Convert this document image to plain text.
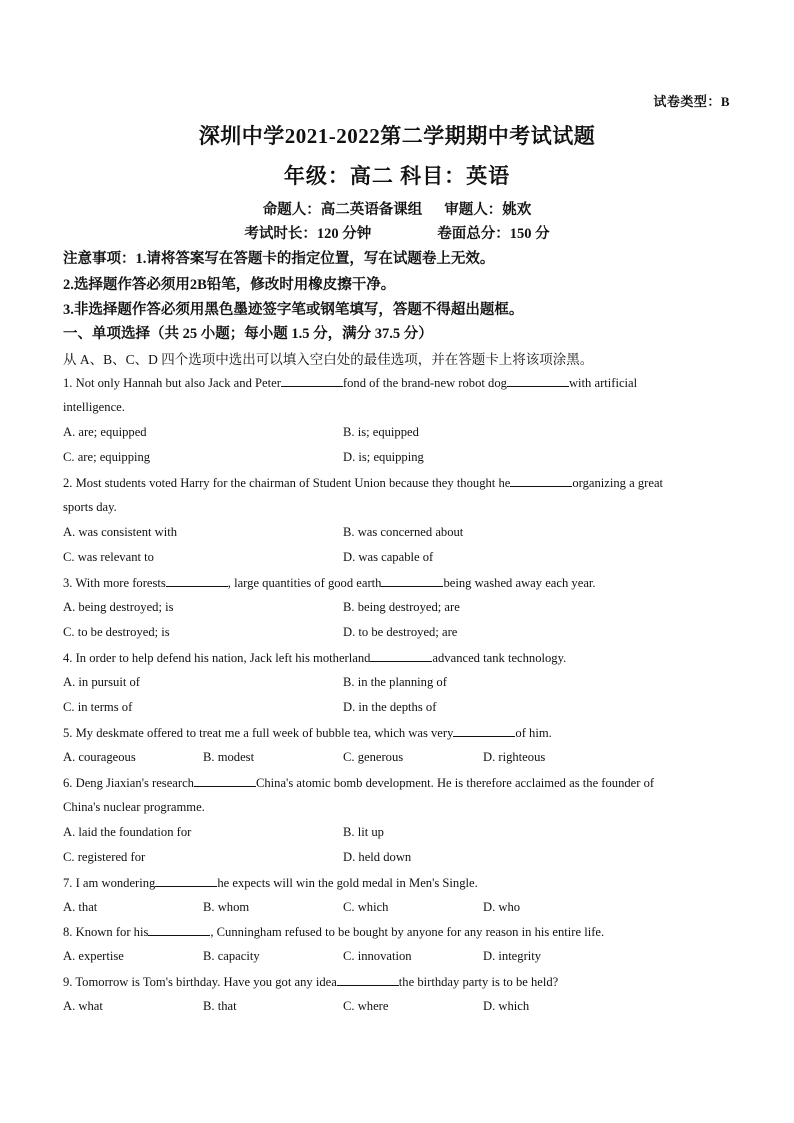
试卷类型：B
深圳中学2021-2022第二学期期中考试试题
年级：高二 科目：英语
命题人：高二英语备课组 审题人：姚欢
考试时长：120 分钟	卷面总分：150 分
注意事项：1.请将答案写在答题卡的指定位置，写在试题卷上无效。
2.选择题作答必须用2B铅笔，修改时用橡皮擦干净。
3.非选择题作答必须用黑色墨迹签字笔或钢笔填写，答题不得超出题框。
一、单项选择（共 25 小题；每小题 1.5 分，满分 37.5 分）
从 A、B、C、D 四个选项中选出可以填入空白处的最佳选项，并在答题卡上将该项涂黑。
1. Not only Hannah but also Jack and Peter	fond of the brand-new robot dog	with artificial
intelligence.
A. are; equipped	B. is; equipped
C. are; equipping	D. is; equipping
2. Most students voted Harry for the chairman of Student Union because they thought he	organizing a great
sports day.
A. was consistent with	B. was concerned about
C. was relevant to	D. was capable of
3. With more forests	, large quantities of good earth	being washed away each year.
A. being destroyed; is	B. being destroyed; are
C. to be destroyed; is	D. to be destroyed; are
4. In order to help defend his nation, Jack left his motherland	advanced tank technology.
A. in pursuit of	B. in the planning of
C. in terms of	D. in the depths of
5. My deskmate offered to treat me a full week of bubble tea, which was very	of him.
A. courageous	B. modest	C. generous	D. righteous
6. Deng Jiaxian's research	China's atomic bomb development. He is therefore acclaimed as the founder of
China's nuclear programme.
A. laid the foundation for	B. lit up
C. registered for	D. held down
7. I am wondering	he expects will win the gold medal in Men's Single.
A. that	B. whom	C. which	D. who
8. Known for his	, Cunningham refused to be bought by anyone for any reason in his entire life.
A. expertise	B. capacity	C. innovation	D. integrity
9. Tomorrow is Tom's birthday. Have you got any idea	the birthday party is to be held?
A. what	B. that	C. where	D. which
